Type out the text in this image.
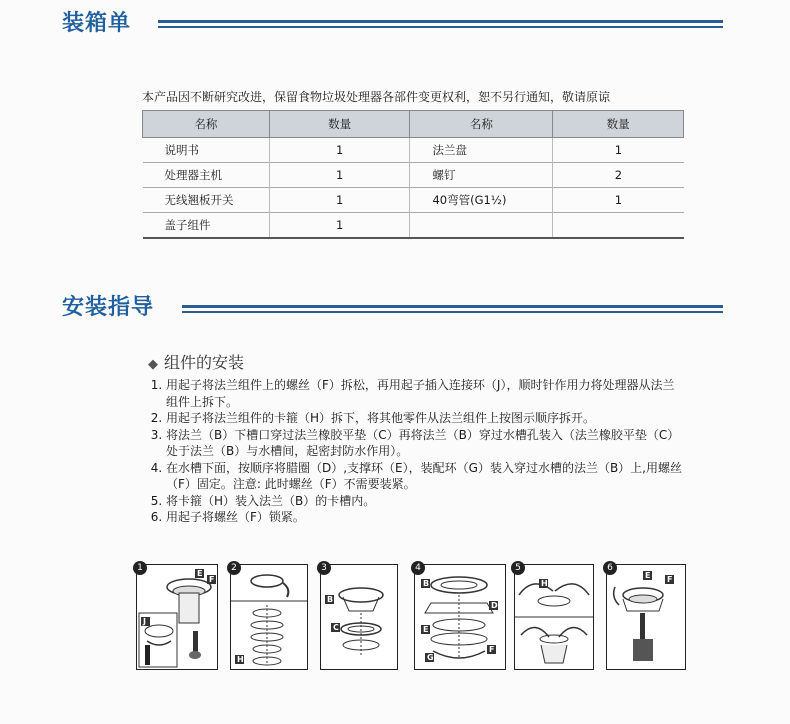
装箱单
本产品因不断研究改进，保留食物垃圾处理器各部件变更权利，恕不另行通知，敬请原谅
名称	数量	名称	数量
说明书	1	法兰盘	1
处理器主机	1	螺钉	2
无线翘板开关	1	40弯管(G1½)	1
盖子组件	1		
安装指导
◆ 组件的安装
1. 用起子将法兰组件上的螺丝（F）拆松，再用起子插入连接环（J），顺时针作用力将处理器从法兰组件上拆下。
2. 用起子将法兰组件的卡箍（H）拆下，将其他零件从法兰组件上按图示顺序拆开。
3. 将法兰（B）下槽口穿过法兰橡胶平垫（C）再将法兰（B）穿过水槽孔装入（法兰橡胶平垫（C）处于法兰（B）与水槽间，起密封防水作用）。
4. 在水槽下面，按顺序将腊圈（D）,支撑环（E），装配环（G）装入穿过水槽的法兰（B）上,用螺丝（F）固定。注意: 此时螺丝（F）不需要装紧。
5. 将卡箍（H）装入法兰（B）的卡槽内。
6. 用起子将螺丝（F）锁紧。
1
E
F
J
2
H
3
B
C
4
B
D
E
G
F
5
H
6
E F
